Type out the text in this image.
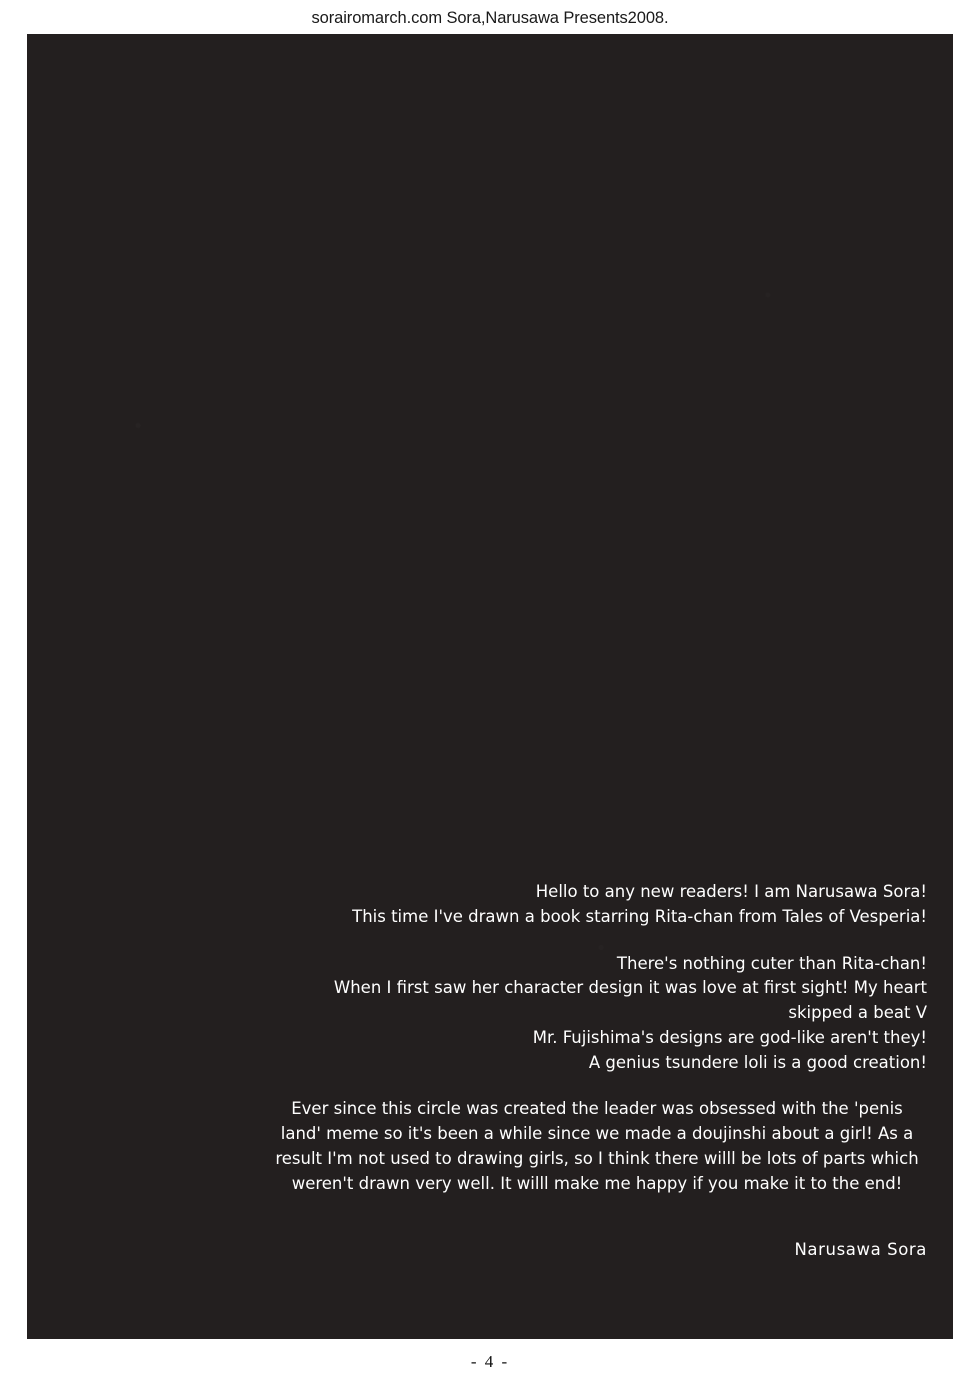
sorairomarch.com Sora,Narusawa Presents2008.

Hello to any new readers! I am Narusawa Sora!
This time I've drawn a book starring Rita-chan from Tales of Vesperia!

There's nothing cuter than Rita-chan!
When I first saw her character design it was love at first sight! My heart
skipped a beat V
Mr. Fujishima's designs are god-like aren't they!
A genius tsundere loli is a good creation!

Ever since this circle was created the leader was obsessed with the 'penis
land' meme so it's been a while since we made a doujinshi about a girl! As a
result I'm not used to drawing girls, so I think there willl be lots of parts which
weren't drawn very well. It willl make me happy if you make it to the end!

Narusawa Sora
- 4 -
